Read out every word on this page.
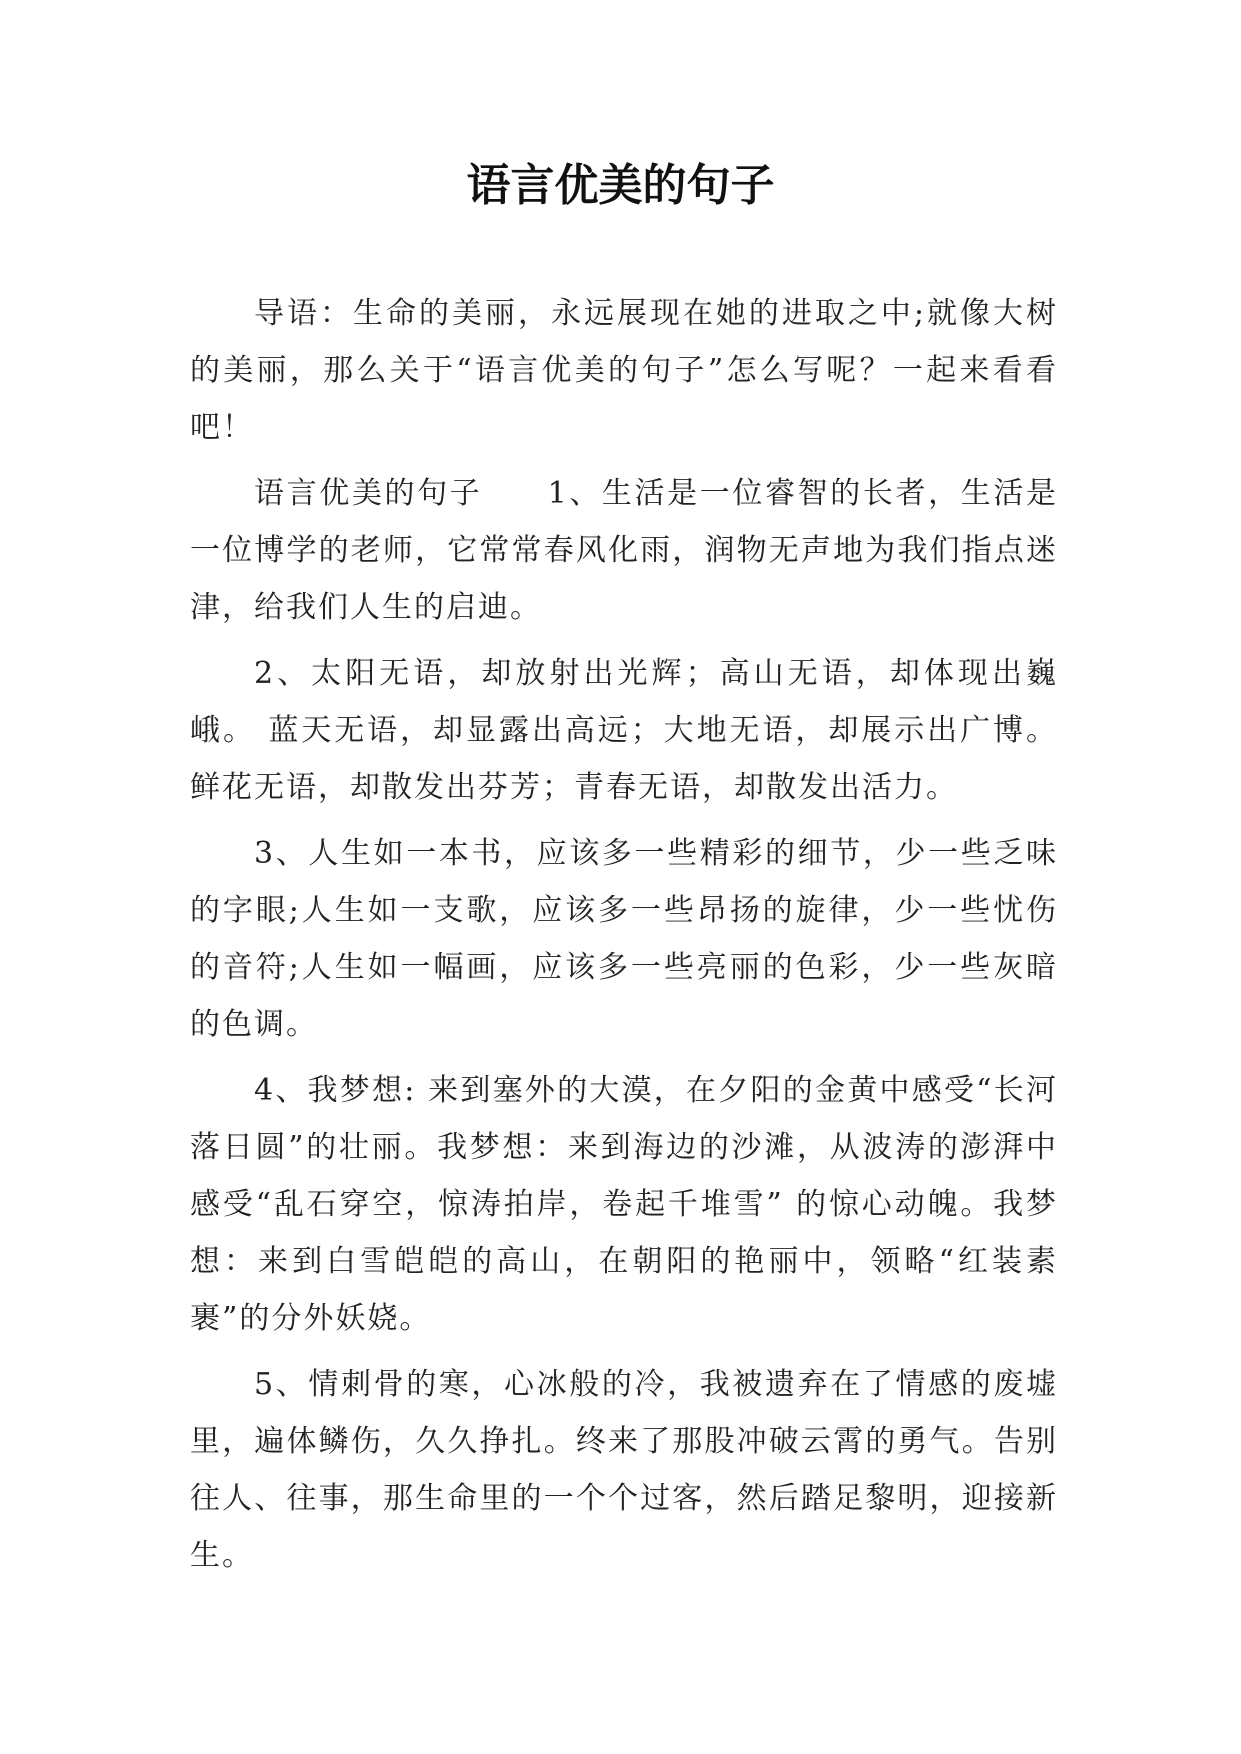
语言优美的句子

导语：生命的美丽，永远展现在她的进取之中;就像大树的美丽，那么关于“语言优美的句子”怎么写呢？一起来看看吧！

语言优美的句子　　1、生活是一位睿智的长者，生活是一位博学的老师，它常常春风化雨，润物无声地为我们指点迷津，给我们人生的启迪。

2、太阳无语，却放射出光辉；高山无语，却体现出巍峨。 蓝天无语，却显露出高远；大地无语，却展示出广博。鲜花无语，却散发出芬芳；青春无语，却散发出活力。

3、人生如一本书，应该多一些精彩的细节，少一些乏味的字眼;人生如一支歌，应该多一些昂扬的旋律，少一些忧伤的音符;人生如一幅画，应该多一些亮丽的色彩，少一些灰暗的色调。

4、我梦想: 来到塞外的大漠，在夕阳的金黄中感受“长河落日圆”的壮丽。我梦想：来到海边的沙滩，从波涛的澎湃中感受“乱石穿空，惊涛拍岸，卷起千堆雪” 的惊心动魄。我梦想：来到白雪皑皑的高山，在朝阳的艳丽中，领略“红装素裹”的分外妖娆。

5、情刺骨的寒，心冰般的冷，我被遗弃在了情感的废墟里，遍体鳞伤，久久挣扎。终来了那股冲破云霄的勇气。告别往人、往事，那生命里的一个个过客，然后踏足黎明，迎接新生。
